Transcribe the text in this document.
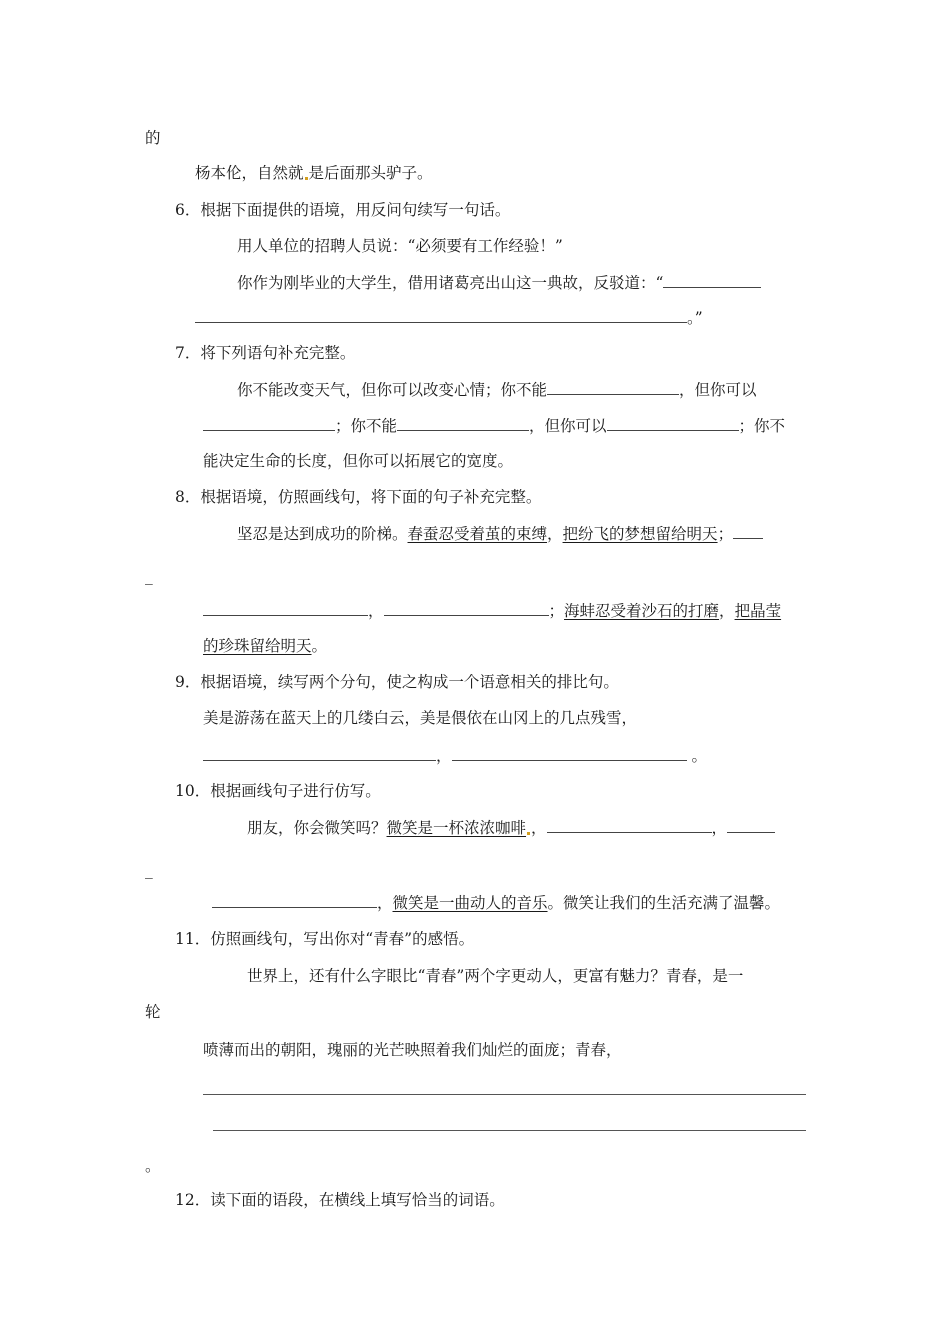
的
杨本伦，自然就 是后面那头驴子。
6．根据下面提供的语境，用反问句续写一句话。
用人单位的招聘人员说：“必须要有工作经验！”
你作为刚毕业的大学生，借用诸葛亮出山这一典故，反驳道：“
。”
7．将下列语句补充完整。
你不能改变天气，但你可以改变心情；你不能	，但你可以
；你不能	，但你可以	；你不
能决定生命的长度，但你可以拓展它的宽度。
8．根据语境，仿照画线句，将下面的句子补充完整。
坚忍是达到成功的阶梯。春蚕忍受着茧的束缚，把纷飞的梦想留给明天；
_
，	；海蚌忍受着沙石的打磨，把晶莹
的珍珠留给明天。
9．根据语境，续写两个分句，使之构成一个语意相关的排比句。
美是游荡在蓝天上的几缕白云，美是偎依在山冈上的几点残雪，
，	。
10．根据画线句子进行仿写。
朋友，你会微笑吗？微笑是一杯浓浓咖啡 ，	，
_
，微笑是一曲动人的音乐。微笑让我们的生活充满了温馨。
11．仿照画线句，写出你对“青春”的感悟。
世界上，还有什么字眼比“青春”两个字更动人，更富有魅力？青春，是一
轮
喷薄而出的朝阳，瑰丽的光芒映照着我们灿烂的面庞；青春，
。
12．读下面的语段，在横线上填写恰当的词语。
